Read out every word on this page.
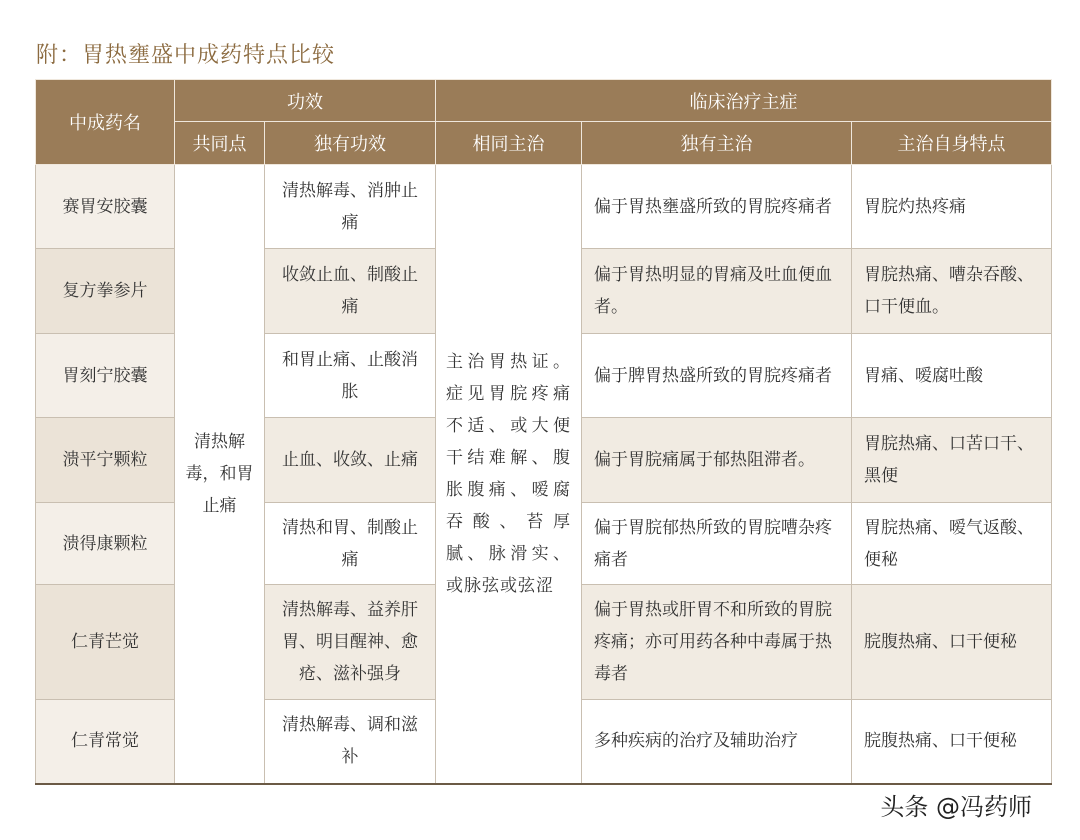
附：胃热壅盛中成药特点比较
中成药名	功效		临床治疗主症		
	共同点	独有功效	相同主治	独有主治	主治自身特点
赛胃安胶囊	清热解毒，和胃止痛	清热解毒、消肿止痛	主治胃热证。症见胃脘疼痛不适、或大便干结难解、腹胀腹痛、嗳腐吞酸、苔厚腻、脉滑实、或脉弦或弦涩	偏于胃热壅盛所致的胃脘疼痛者	胃脘灼热疼痛
复方拳参片		收敛止血、制酸止痛		偏于胃热明显的胃痛及吐血便血者。	胃脘热痛、嘈杂吞酸、口干便血。
胃刻宁胶囊		和胃止痛、止酸消胀		偏于脾胃热盛所致的胃脘疼痛者	胃痛、嗳腐吐酸
溃平宁颗粒		止血、收敛、止痛		偏于胃脘痛属于郁热阻滞者。	胃脘热痛、口苦口干、黑便
溃得康颗粒		清热和胃、制酸止痛		偏于胃脘郁热所致的胃脘嘈杂疼痛者	胃脘热痛、嗳气返酸、便秘
仁青芒觉		清热解毒、益养肝胃、明目醒神、愈疮、滋补强身		偏于胃热或肝胃不和所致的胃脘疼痛；亦可用药各种中毒属于热毒者	脘腹热痛、口干便秘
仁青常觉		清热解毒、调和滋补		多种疾病的治疗及辅助治疗	脘腹热痛、口干便秘
头条 @冯药师
